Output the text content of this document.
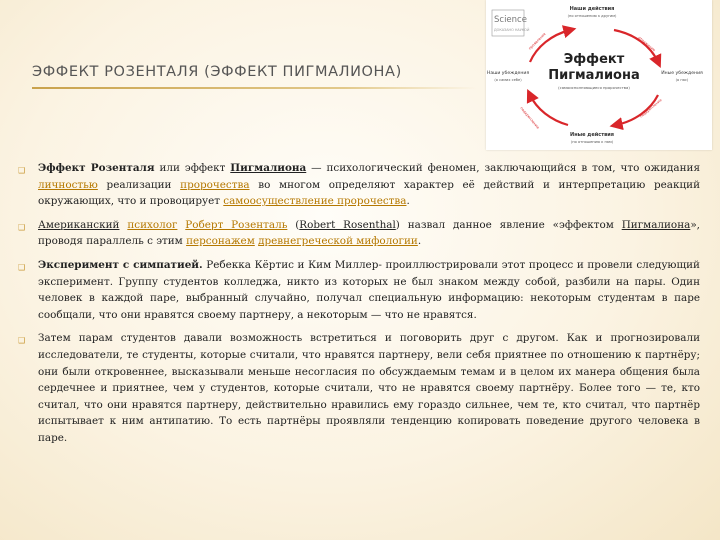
ЭФФЕКТ РОЗЕНТАЛЯ (ЭФФЕКТ ПИГМАЛИОНА)
Science
ДОКАЗАНО НАУКОЙ
отражение
подкрепление
подкрепление
проявление
Наши действия
(по отношению к другим)
Наши убеждения
(о самих себе)
Иные убеждения
(о нас)
Иные действия
(по отношению к нам)
Эффект
Пигмалиона
(самоисполняющиеся пророчества)
❑ Эффект Розенталя или эффект Пигмалиона — психологический феномен, заключающийся в том, что ожидания личностью реализации пророчества во многом определяют характер её действий и интерпретацию реакций окружающих, что и провоцирует самоосуществление пророчества.
❑ Американский психолог Роберт Розенталь (Robert Rosenthal) назвал данное явление «эффектом Пигмалиона», проводя параллель с этим персонажем древнегреческой мифологии.
❑ Эксперимент с симпатией. Ребекка Кёртис и Ким Миллер- проиллюстрировали этот процесс и провели следующий эксперимент. Группу студентов колледжа, никто из которых не был знаком между собой, разбили на пары. Один человек в каждой паре, выбранный случайно, получал специальную информацию: некоторым студентам в паре сообщали, что они нравятся своему партнеру, а некоторым — что не нравятся.
❑ Затем парам студентов давали возможность встретиться и поговорить друг с другом. Как и прогнозировали исследователи, те студенты, которые считали, что нравятся партнеру, вели себя приятнее по отношению к партнёру; они были откровеннее, высказывали меньше несогласия по обсуждаемым темам и в целом их манера общения была сердечнее и приятнее, чем у студентов, которые считали, что не нравятся своему партнёру. Более того — те, кто считал, что они нравятся партнеру, действительно нравились ему гораздо сильнее, чем те, кто считал, что партнёр испытывает к ним антипатию. То есть партнёры проявляли тенденцию копировать поведение другого человека в паре.
